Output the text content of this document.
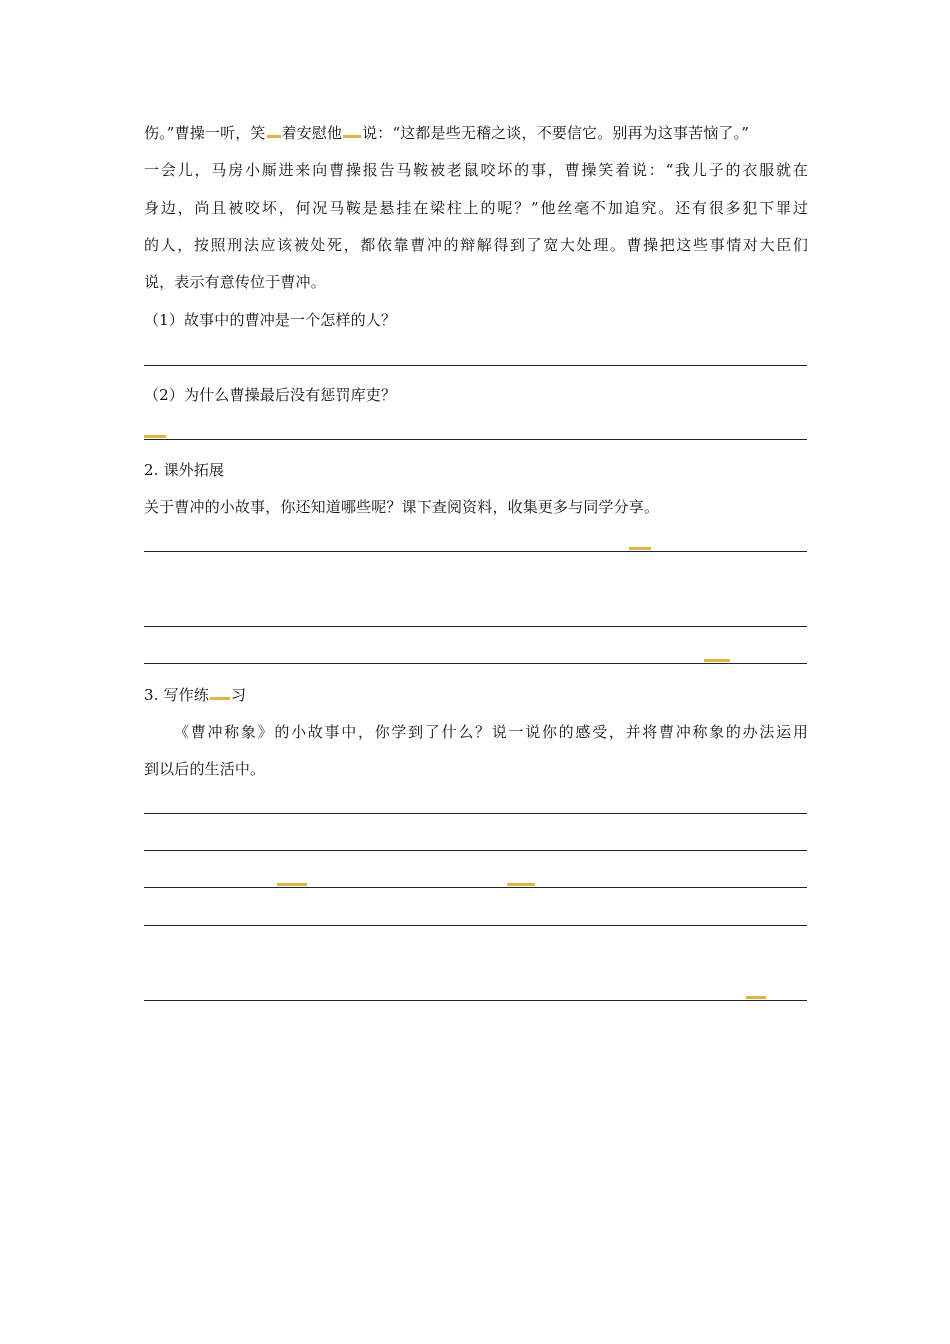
伤。”曹操一听，笑 着安慰他 说：“这都是些无稽之谈，不要信它。别再为这事苦恼了。”
一会儿，马房小厮进来向曹操报告马鞍被老鼠咬坏的事，曹操笑着说：“我儿子的衣服就在
身边，尚且被咬坏，何况马鞍是悬挂在梁柱上的呢？”他丝毫不加追究。还有很多犯下罪过
的人，按照刑法应该被处死，都依靠曹冲的辩解得到了宽大处理。曹操把这些事情对大臣们
说，表示有意传位于曹冲。
（1）故事中的曹冲是一个怎样的人？
（2）为什么曹操最后没有惩罚库吏？
2. 课外拓展
关于曹冲的小故事，你还知道哪些呢？课下查阅资料，收集更多与同学分享。
3. 写作练 习
《曹冲称象》的小故事中，你学到了什么？说一说你的感受，并将曹冲称象的办法运用
到以后的生活中。
